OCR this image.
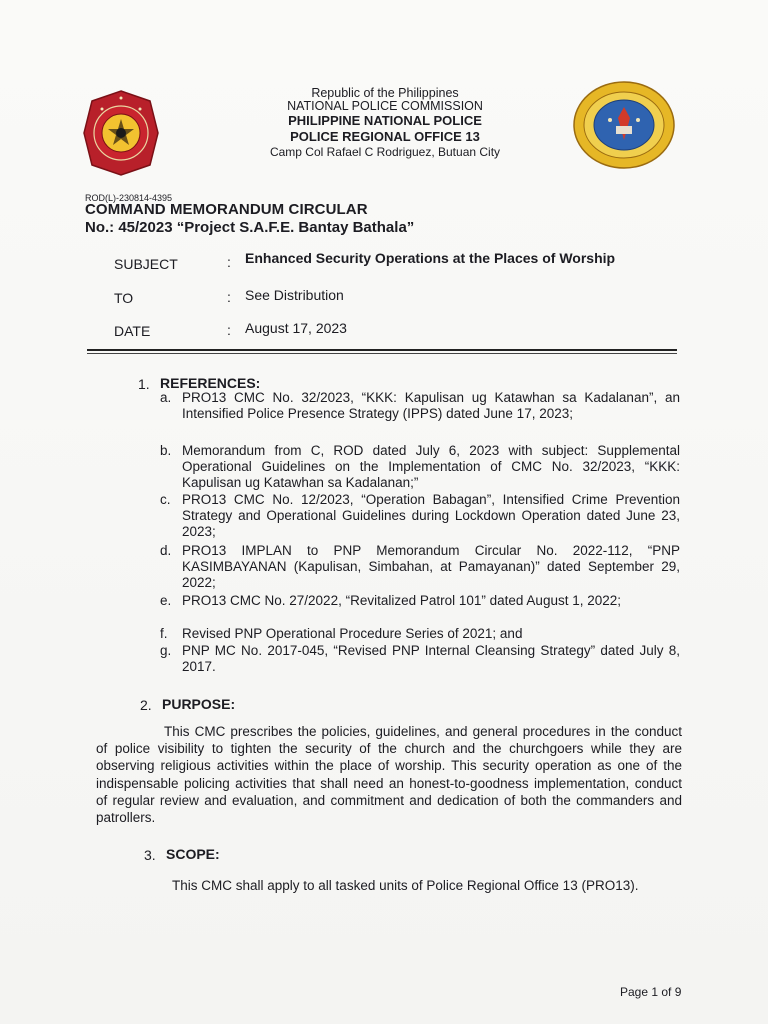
Republic of the Philippines
NATIONAL POLICE COMMISSION
PHILIPPINE NATIONAL POLICE
POLICE REGIONAL OFFICE 13
Camp Col Rafael C Rodriguez, Butuan City
ROD(L)-230814-4395
COMMAND MEMORANDUM CIRCULAR
No.: 45/2023 “Project S.A.F.E. Bantay Bathala”
SUBJECT	: Enhanced Security Operations at the Places of Worship
TO	: See Distribution
DATE	: August 17, 2023
1. REFERENCES:
a. PRO13 CMC No. 32/2023, “KKK: Kapulisan ug Katawhan sa Kadalanan”, an Intensified Police Presence Strategy (IPPS) dated June 17, 2023;
b. Memorandum from C, ROD dated July 6, 2023 with subject: Supplemental Operational Guidelines on the Implementation of CMC No. 32/2023, “KKK: Kapulisan ug Katawhan sa Kadalanan;”
c. PRO13 CMC No. 12/2023, “Operation Babagan”, Intensified Crime Prevention Strategy and Operational Guidelines during Lockdown Operation dated June 23, 2023;
d. PRO13 IMPLAN to PNP Memorandum Circular No. 2022-112, “PNP KASIMBAYANAN (Kapulisan, Simbahan, at Pamayanan)” dated September 29, 2022;
e. PRO13 CMC No. 27/2022, “Revitalized Patrol 101” dated August 1, 2022;
f.	Revised PNP Operational Procedure Series of 2021; and
g. PNP MC No. 2017-045, “Revised PNP Internal Cleansing Strategy” dated July 8, 2017.
2. PURPOSE:
This CMC prescribes the policies, guidelines, and general procedures in the conduct of police visibility to tighten the security of the church and the churchgoers while they are observing religious activities within the place of worship. This security operation as one of the indispensable policing activities that shall need an honest-to-goodness implementation, conduct of regular review and evaluation, and commitment and dedication of both the commanders and patrollers.
3. SCOPE:
This CMC shall apply to all tasked units of Police Regional Office 13 (PRO13).
Page 1 of 9
